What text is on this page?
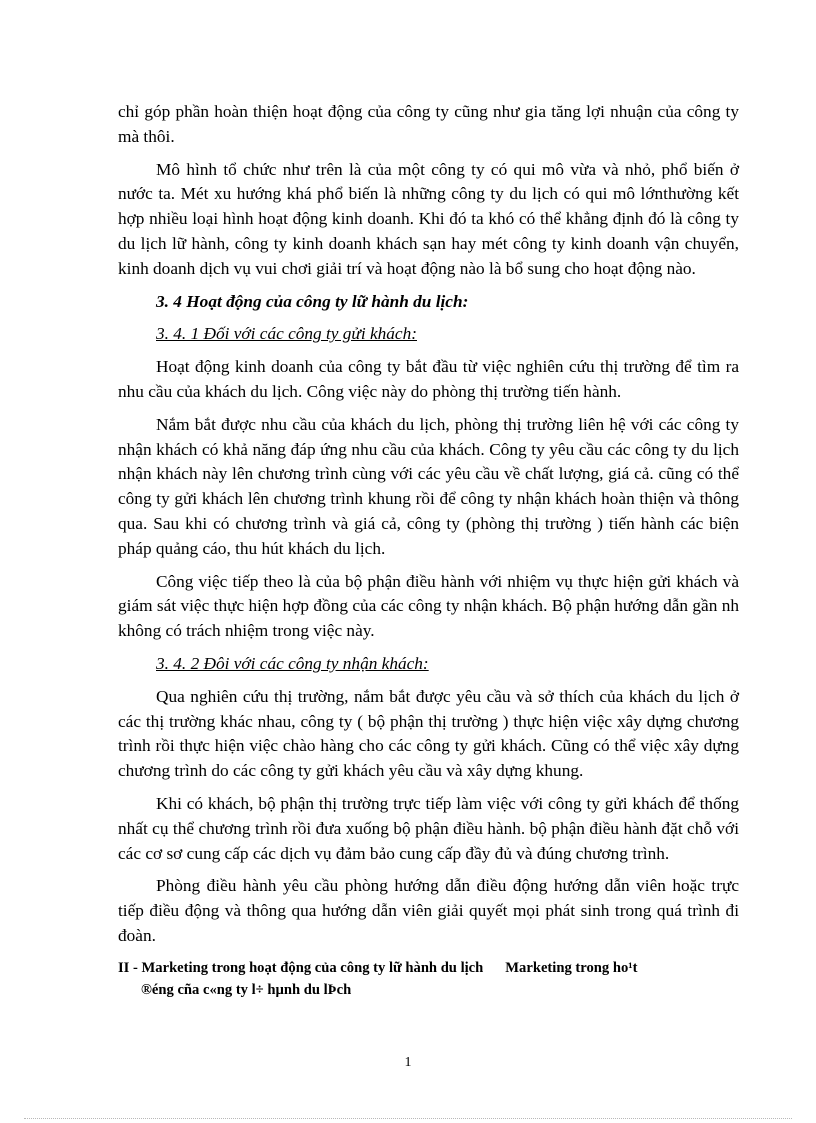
chỉ góp phần hoàn thiện hoạt động của công ty cũng như gia tăng lợi nhuận của công ty mà thôi.

Mô hình tổ chức như trên là của một công ty có qui mô vừa và nhỏ, phổ biến ở nước ta. Mét xu hướng khá phổ biến là những công ty du lịch có qui mô lớnthường kết hợp nhiều loại hình hoạt động kinh doanh. Khi đó ta khó có thể khẳng định đó là công ty du lịch lữ hành, công ty kinh doanh khách sạn hay mét công ty kinh doanh vận chuyển, kinh doanh dịch vụ vui chơi giải trí và hoạt động nào là bổ sung cho hoạt động nào.

3. 4 Hoạt động của công ty lữ hành du lịch:
3. 4. 1 Đối với các công ty gửi khách:

Hoạt động kinh doanh của công ty bắt đầu từ việc nghiên cứu thị trường để tìm ra nhu cầu của khách du lịch. Công việc này do phòng thị trường tiến hành.

Nắm bắt được nhu cầu của khách du lịch, phòng thị trường liên hệ với các công ty nhận khách có khả năng đáp ứng nhu cầu của khách. Công ty yêu cầu các công ty du lịch nhận khách này lên chương trình cùng với các yêu cầu về chất lượng, giá cả. cũng có thể công ty gửi khách lên chương trình khung rồi để công ty nhận khách hoàn thiện và thông qua. Sau khi có chương trình và giá cả, công ty (phòng thị trường ) tiến hành các biện pháp quảng cáo, thu hút khách du lịch.

Công việc tiếp theo là của bộ phận điều hành với nhiệm vụ thực hiện gửi khách và giám sát việc thực hiện hợp đồng của các công ty nhận khách. Bộ phận hướng dẫn gần nh không có trách nhiệm trong việc này.

3. 4. 2 Đôi với các công ty nhận khách:

Qua nghiên cứu thị trường, nắm bắt được yêu cầu và sở thích của khách du lịch ở các thị trường khác nhau, công ty ( bộ phận thị trường ) thực hiện việc xây dựng chương trình rồi thực hiện việc chào hàng cho các công ty gửi khách. Cũng có thể việc xây dựng chương trình do các công ty gửi khách yêu cầu và xây dựng khung.

Khi có khách, bộ phận thị trường trực tiếp làm việc với công ty gửi khách để thống nhất cụ thể chương trình rồi đưa xuống bộ phận điều hành. bộ phận điều hành đặt chỗ với các cơ sơ cung cấp các dịch vụ đảm bảo cung cấp đầy đủ và đúng chương trình.

Phòng điều hành yêu cầu phòng hướng dẫn điều động hướng dẫn viên hoặc trực tiếp điều động và thông qua hướng dẫn viên giải quyết mọi phát sinh trong quá trình đi đoàn.

II - Marketing trong hoạt động của công ty lữ hành du lịch Marketing trong ho¹t
®éng cña c«ng ty l÷ hµnh du lÞch
1
